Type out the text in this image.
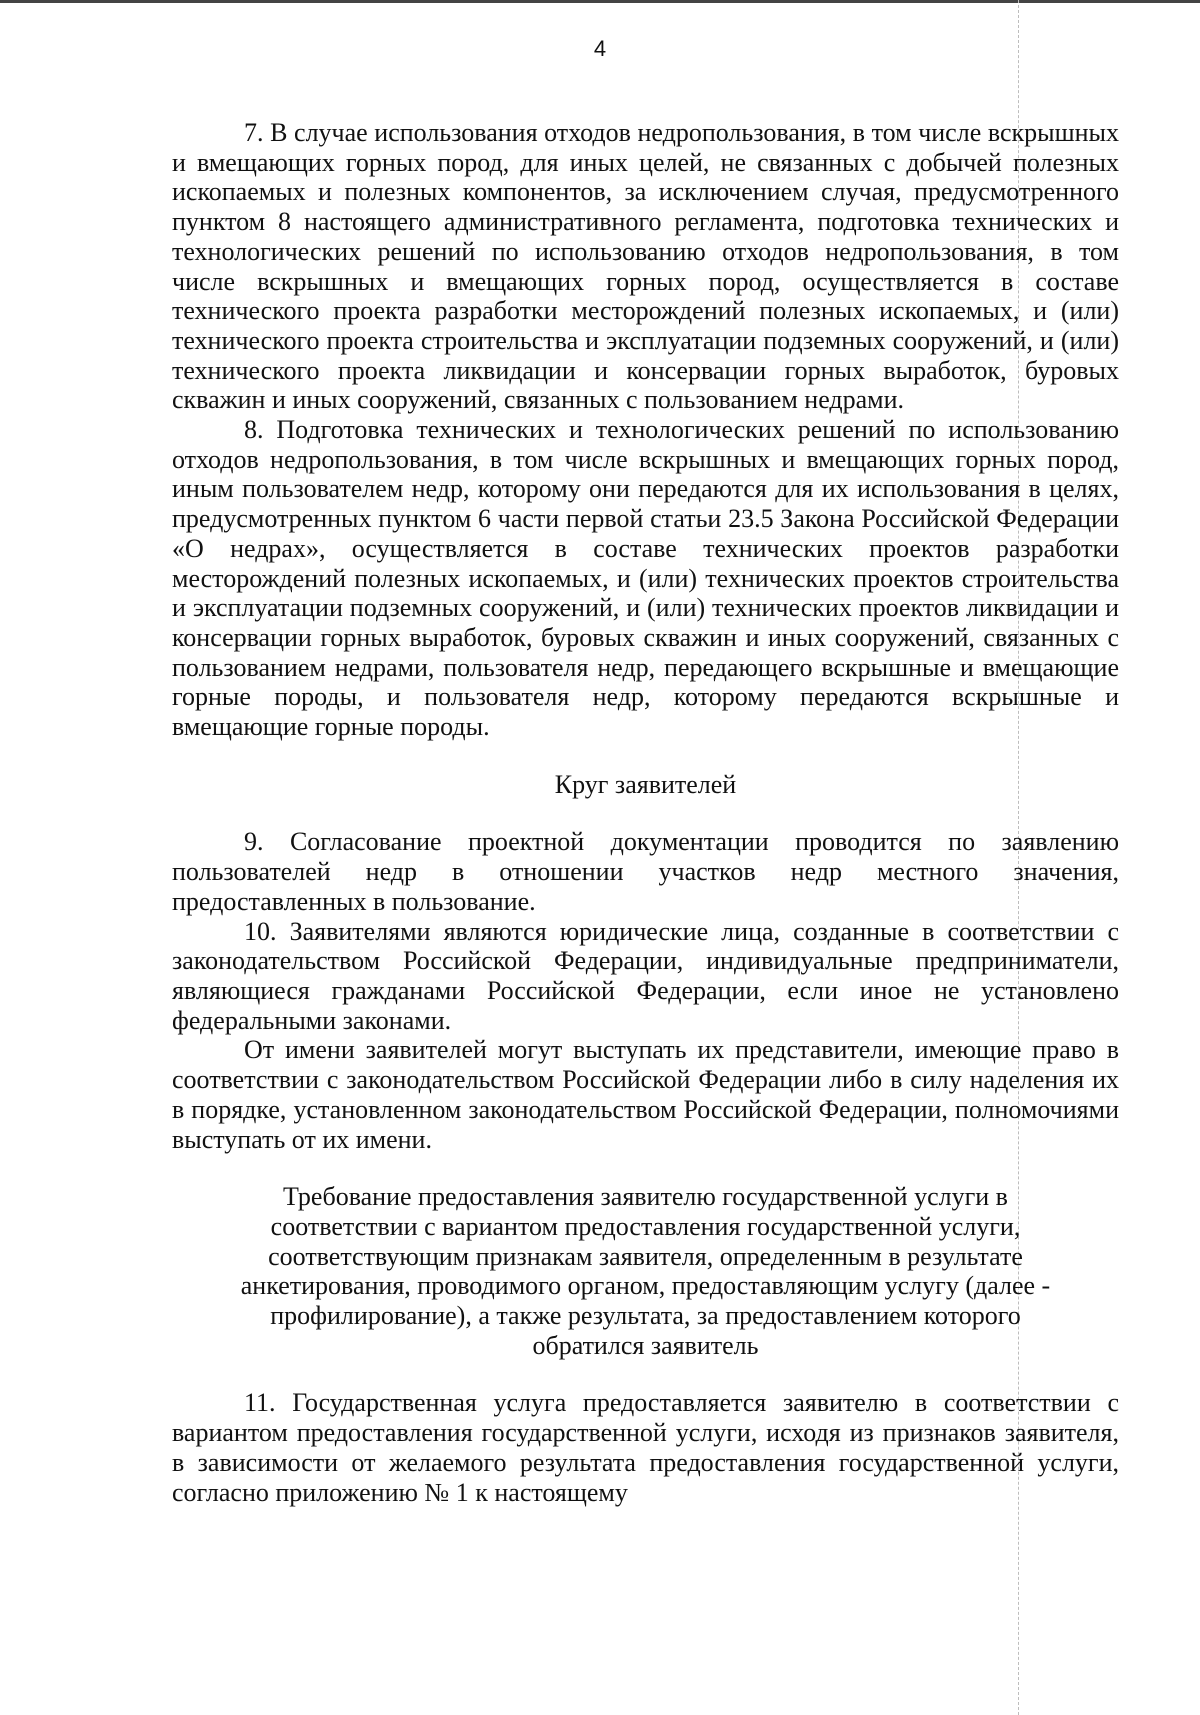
4

7. В случае использования отходов недропользования, в том числе вскрышных и вмещающих горных пород, для иных целей, не связанных с добычей полезных ископаемых и полезных компонентов, за исключением случая, предусмотренного пунктом 8 настоящего административного регламента, подготовка технических и технологических решений по использованию отходов недропользования, в том числе вскрышных и вмещающих горных пород, осуществляется в составе технического проекта разработки месторождений полезных ископаемых, и (или) технического проекта строительства и эксплуатации подземных сооружений, и (или) технического проекта ликвидации и консервации горных выработок, буровых скважин и иных сооружений, связанных с пользованием недрами.

8. Подготовка технических и технологических решений по использованию отходов недропользования, в том числе вскрышных и вмещающих горных пород, иным пользователем недр, которому они передаются для их использования в целях, предусмотренных пунктом 6 части первой статьи 23.5 Закона Российской Федерации «О недрах», осуществляется в составе технических проектов разработки месторождений полезных ископаемых, и (или) технических проектов строительства и эксплуатации подземных сооружений, и (или) технических проектов ликвидации и консервации горных выработок, буровых скважин и иных сооружений, связанных с пользованием недрами, пользователя недр, передающего вскрышные и вмещающие горные породы, и пользователя недр, которому передаются вскрышные и вмещающие горные породы.

Круг заявителей

9. Согласование проектной документации проводится по заявлению пользователей недр в отношении участков недр местного значения, предоставленных в пользование.

10. Заявителями являются юридические лица, созданные в соответствии с законодательством Российской Федерации, индивидуальные предприниматели, являющиеся гражданами Российской Федерации, если иное не установлено федеральными законами.

От имени заявителей могут выступать их представители, имеющие право в соответствии с законодательством Российской Федерации либо в силу наделения их в порядке, установленном законодательством Российской Федерации, полномочиями выступать от их имени.

Требование предоставления заявителю государственной услуги в соответствии с вариантом предоставления государственной услуги, соответствующим признакам заявителя, определенным в результате анкетирования, проводимого органом, предоставляющим услугу (далее - профилирование), а также результата, за предоставлением которого обратился заявитель

11. Государственная услуга предоставляется заявителю в соответствии с вариантом предоставления государственной услуги, исходя из признаков заявителя, в зависимости от желаемого результата предоставления государственной услуги, согласно приложению № 1 к настоящему
